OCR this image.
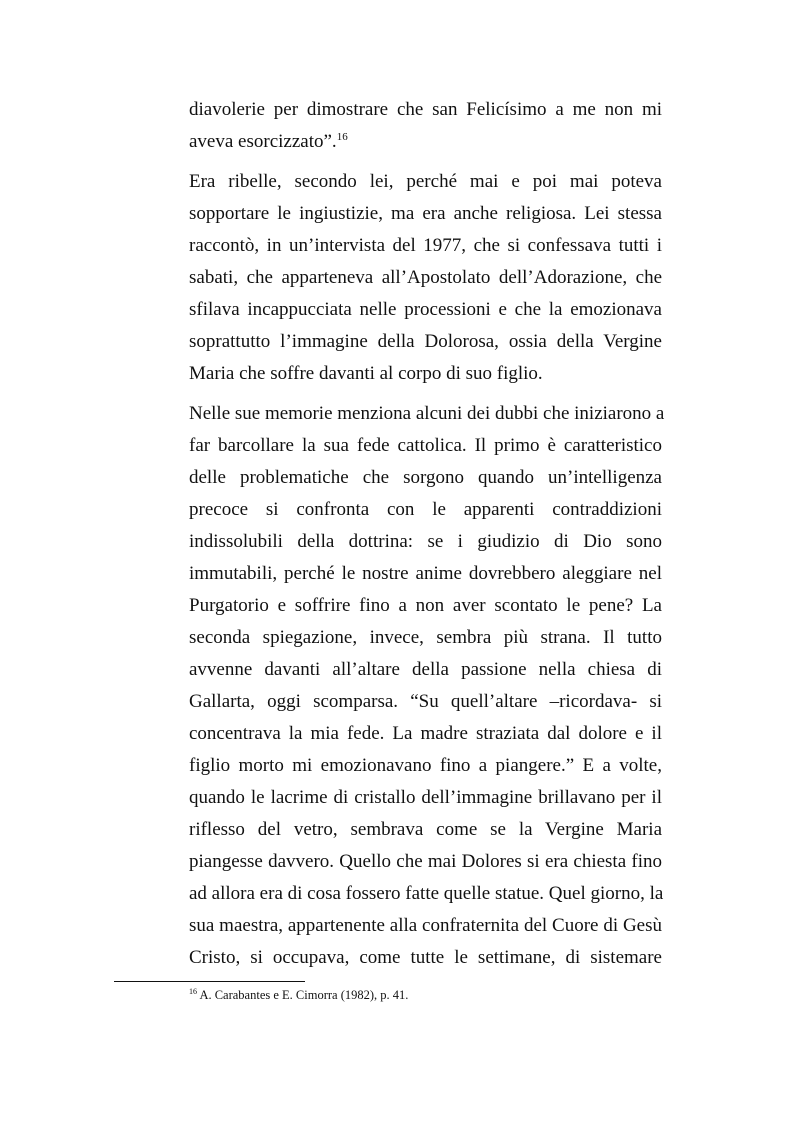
diavolerie per dimostrare che san Felicísimo a me non mi
aveva esorcizzato”.$^{16}$
Era ribelle, secondo lei, perché mai e poi mai poteva
sopportare le ingiustizie, ma era anche religiosa. Lei stessa
raccontò, in un’intervista del 1977, che si confessava tutti i
sabati, che apparteneva all’Apostolato dell’Adorazione, che
sfilava incappucciata nelle processioni e che la emozionava
soprattutto l’immagine della Dolorosa, ossia della Vergine
Maria che soffre davanti al corpo di suo figlio.
Nelle sue memorie menziona alcuni dei dubbi che iniziarono a
far barcollare la sua fede cattolica. Il primo è caratteristico
delle problematiche che sorgono quando un’intelligenza
precoce si confronta con le apparenti contraddizioni
indissolubili della dottrina: se i giudizio di Dio sono
immutabili, perché le nostre anime dovrebbero aleggiare nel
Purgatorio e soffrire fino a non aver scontato le pene? La
seconda spiegazione, invece, sembra più strana. Il tutto
avvenne davanti all’altare della passione nella chiesa di
Gallarta, oggi scomparsa. “Su quell’altare –ricordava- si
concentrava la mia fede. La madre straziata dal dolore e il
figlio morto mi emozionavano fino a piangere.” E a volte,
quando le lacrime di cristallo dell’immagine brillavano per il
riflesso del vetro, sembrava come se la Vergine Maria
piangesse davvero. Quello che mai Dolores si era chiesta fino
ad allora era di cosa fossero fatte quelle statue. Quel giorno, la
sua maestra, appartenente alla confraternita del Cuore di Gesù
Cristo, si occupava, come tutte le settimane, di sistemare
$^{16}$ A. Carabantes e E. Cimorra (1982), p. 41.
